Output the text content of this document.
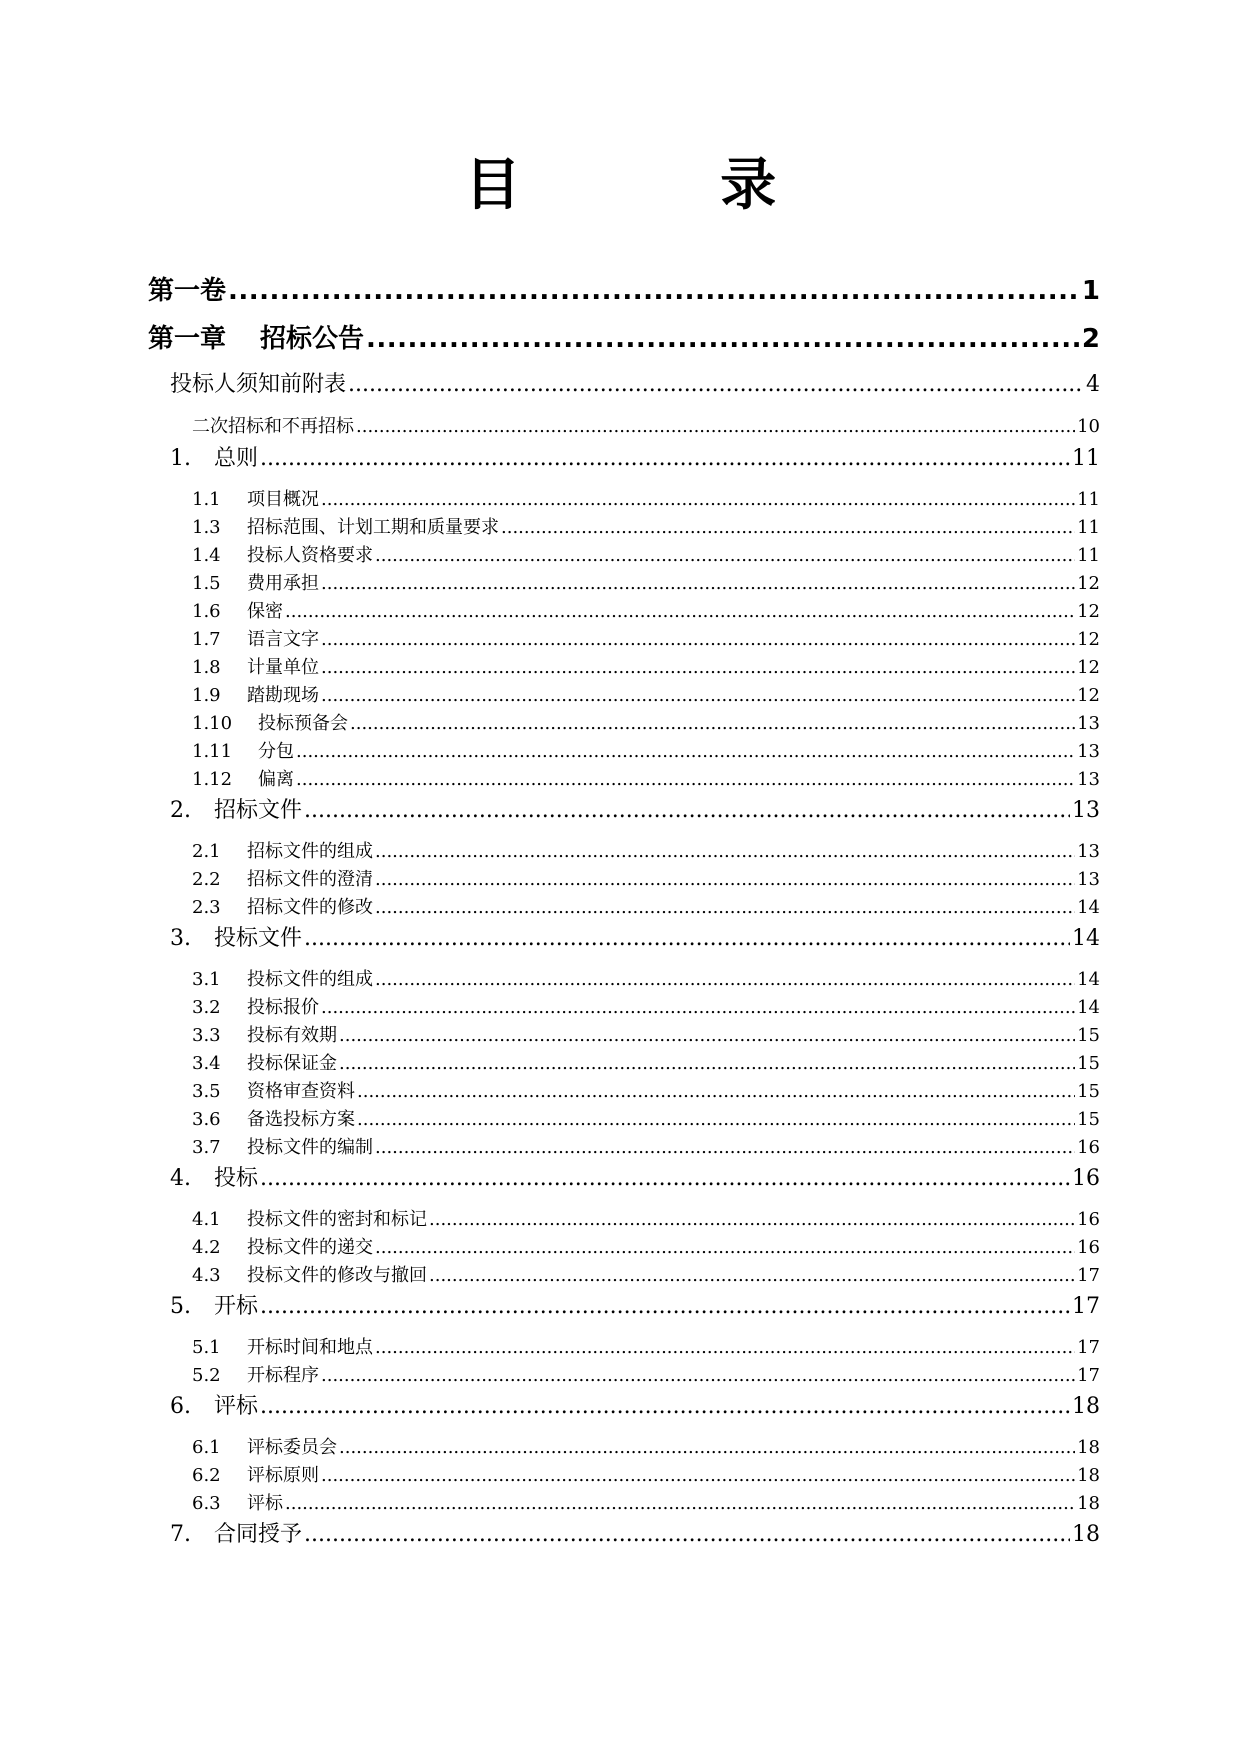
目 录
第一卷 .....	1
第一章 招标公告 .....	2
投标人须知前附表 .....	4
二次招标和不再招标 .....	10
1.	总则 .....	11
1.1	项目概况 .....	11
1.3	招标范围、计划工期和质量要求 .....	11
1.4	投标人资格要求 .....	11
1.5	费用承担 .....	12
1.6	保密 .....	12
1.7	语言文字 .....	12
1.8	计量单位 .....	12
1.9	踏勘现场 .....	12
1.10	投标预备会 .....	13
1.11	分包 .....	13
1.12	偏离 .....	13
2.	招标文件 .....	13
2.1	招标文件的组成 .....	13
2.2	招标文件的澄清 .....	13
2.3	招标文件的修改 .....	14
3.	投标文件 .....	14
3.1	投标文件的组成 .....	14
3.2	投标报价 .....	14
3.3	投标有效期 .....	15
3.4	投标保证金 .....	15
3.5	资格审查资料 .....	15
3.6	备选投标方案 .....	15
3.7	投标文件的编制 .....	16
4.	投标 .....	16
4.1	投标文件的密封和标记 .....	16
4.2	投标文件的递交 .....	16
4.3	投标文件的修改与撤回 .....	17
5.	开标 .....	17
5.1	开标时间和地点 .....	17
5.2	开标程序 .....	17
6.	评标 .....	18
6.1	评标委员会 .....	18
6.2	评标原则 .....	18
6.3	评标 .....	18
7.	合同授予 .....	18
